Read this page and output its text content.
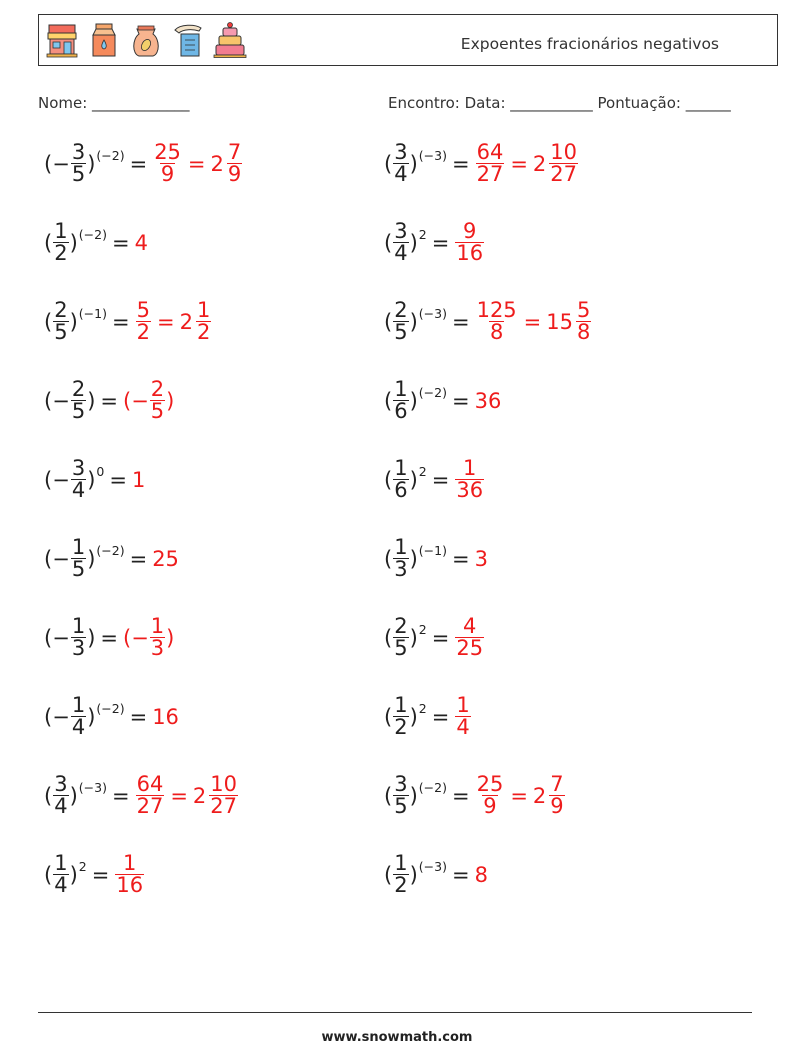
Expoentes fracionários negativos
Nome: _____________	Encontro: Data: ___________ Pontuação: ______
( − $\frac{3}{5}$ ) $(-2) = \frac{25}{9} = 2 \frac{7}{9}$	( $\frac{3}{4}$ ) $(-3) = \frac{64}{27} = 2 \frac{10}{27}$
( $\frac{1}{2}$ ) (−2) = 4	( $\frac{3}{4}$ ) $2 = \frac{9}{16}$
( $\frac{2}{5}$ ) $(-1) = \frac{5}{2} = 2 \frac{1}{2}$	( $\frac{2}{5}$ ) $(-3) = \frac{125}{8} = 15 \frac{5}{8}$
( − $\frac{2}{5}$ ) = (− $\frac{2}{5}$ )	( $\frac{1}{6}$ ) (−2) = 36
( − $\frac{3}{4}$ ) 0 = 1	( $\frac{1}{6}$ ) $2 = \frac{1}{36}$
( − $\frac{1}{5}$ ) (−2) = 25	( $\frac{1}{3}$ ) (−1) = 3
( − $\frac{1}{3}$ ) = (− $\frac{1}{3}$ )	( $\frac{2}{5}$ ) $2 = \frac{4}{25}$
( − $\frac{1}{4}$ ) (−2) = 16	( $\frac{1}{2}$ ) $2 = \frac{1}{4}$
( $\frac{3}{4}$ ) $(-3) = \frac{64}{27} = 2 \frac{10}{27}$	( $\frac{3}{5}$ ) $(-2) = \frac{25}{9} = 2 \frac{7}{9}$
( $\frac{1}{4}$ ) $2 = \frac{1}{16}$	( $\frac{1}{2}$ ) (−3) = 8
www.snowmath.com
